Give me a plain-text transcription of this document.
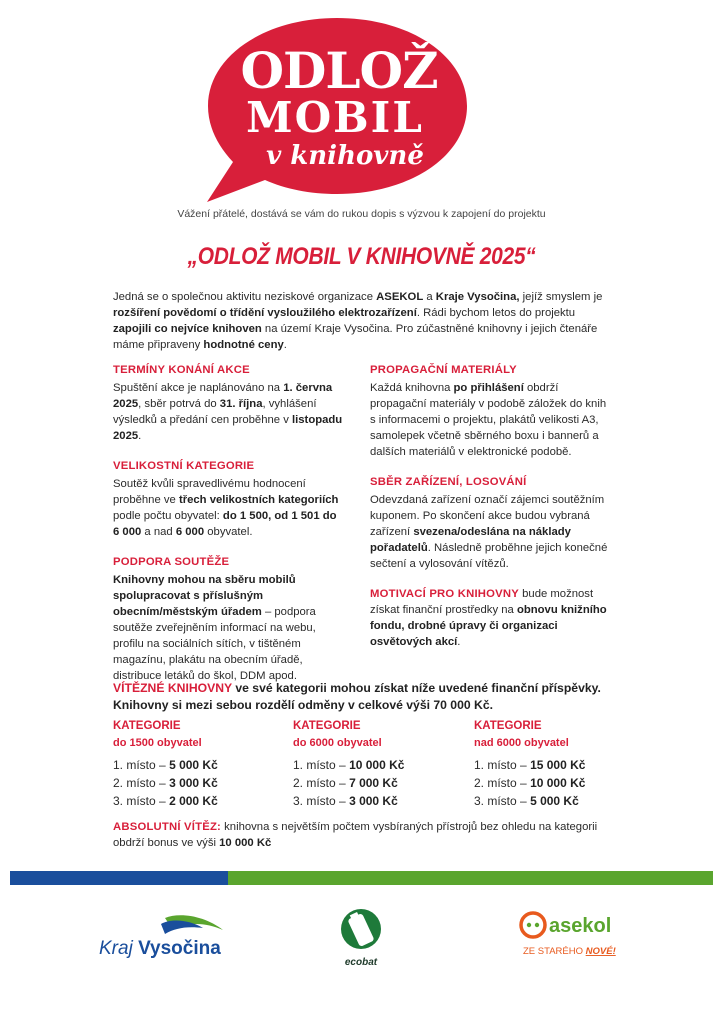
ODLOŽ
MOBIL
v knihovně
Vážení přátelé, dostává se vám do rukou dopis s výzvou k zapojení do projektu
„ODLOŽ MOBIL V KNIHOVNĚ 2025“
Jedná se o společnou aktivitu neziskové organizace ASEKOL a Kraje Vysočina, jejíž smyslem je rozšíření povědomí o třídění vysloužilého elektrozařízení. Rádi bychom letos do projektu zapojili co nejvíce knihoven na území Kraje Vysočina. Pro zúčastněné knihovny i jejich čtenáře máme připraveny hodnotné ceny.
TERMÍNY KONÁNÍ AKCE

Spuštění akce je naplánováno na 1. června 2025, sběr potrvá do 31. října, vyhlášení výsledků a předání cen proběhne v listopadu 2025.

VELIKOSTNÍ KATEGORIE

Soutěž kvůli spravedlivému hodnocení proběhne ve třech velikostních kategoriích podle počtu obyvatel: do 1 500, od 1 501 do 6 000 a nad 6 000 obyvatel.

PODPORA SOUTĚŽE

Knihovny mohou na sběru mobilů spolupracovat s příslušným obecním/městským úřadem – podpora soutěže zveřejněním informací na webu, profilu na sociálních sítích, v tištěném magazínu, plakátu na obecním úřadě, distribuce letáků do škol, DDM apod.

PROPAGAČNÍ MATERIÁLY

Každá knihovna po přihlášení obdrží propagační materiály v podobě záložek do knih s informacemi o projektu, plakátů velikosti A3, samolepek včetně sběrného boxu i bannerů a dalších materiálů v elektronické podobě.

SBĚR ZAŘÍZENÍ, LOSOVÁNÍ

Odevzdaná zařízení označí zájemci soutěžním kuponem. Po skončení akce budou vybraná zařízení svezena/odeslána na náklady pořadatelů. Následně proběhne jejich konečné sečtení a vylosování vítězů.

MOTIVACÍ PRO KNIHOVNY bude možnost získat finanční prostředky na obnovu knižního fondu, drobné úpravy či organizaci osvětových akcí.

VÍTĚZNÉ KNIHOVNY ve své kategorii mohou získat níže uvedené finanční příspěvky.
Knihovny si mezi sebou rozdělí odměny v celkové výši 70 000 Kč.
KATEGORIE
do 1500 obyvatel
1. místo – 5 000 Kč
2. místo – 3 000 Kč
3. místo – 2 000 Kč
KATEGORIE
do 6000 obyvatel
1. místo – 10 000 Kč
2. místo – 7 000 Kč
3. místo – 3 000 Kč
KATEGORIE
nad 6000 obyvatel
1. místo – 15 000 Kč
2. místo – 10 000 Kč
3. místo – 5 000 Kč
ABSOLUTNÍ VÍTĚZ: knihovna s největším počtem vysbíraných přístrojů bez ohledu na kategorii obdrží bonus ve výši 10 000 Kč
Kraj Vysočina
ecobat
asekol
ZE STARÉHO NOVÉ!
